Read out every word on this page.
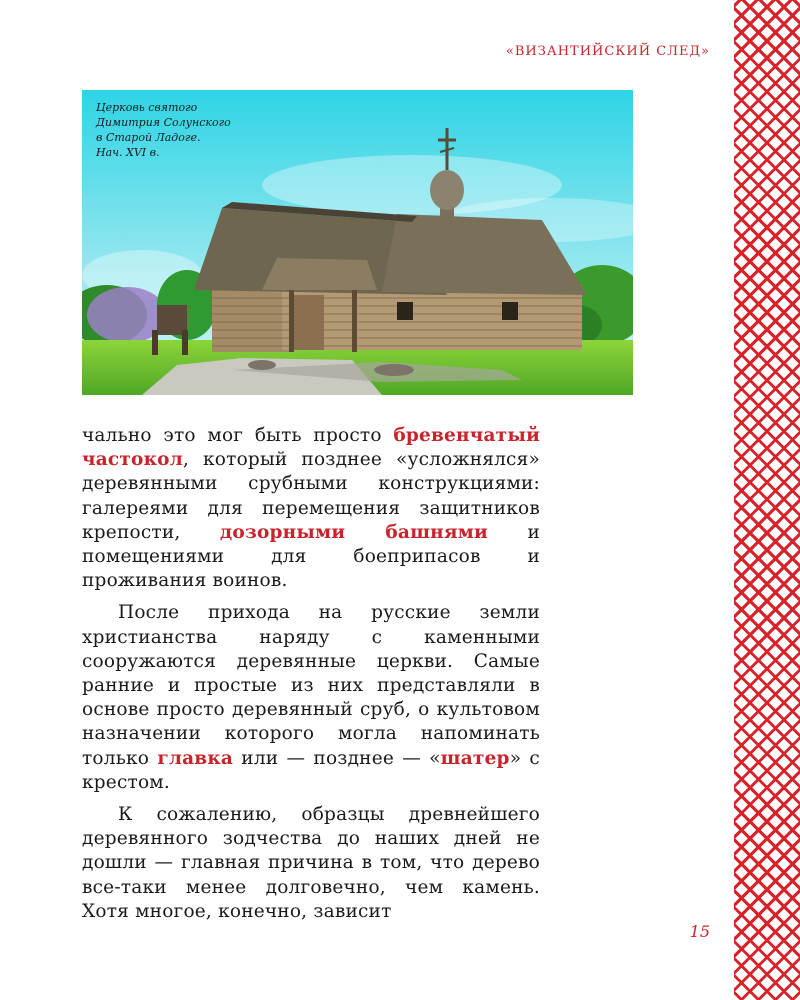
«ВИЗАНТИЙСКИЙ СЛЕД»

Церковь святого
Димитрия Солунского
в Старой Ладоге.
Нач. XVI в.

чально это мог быть просто бревенчатый частокол, который позднее «усложнялся» деревянными срубными конструкциями: галереями для перемещения защитников крепости, дозорными башнями и помещениями для боеприпасов и проживания воинов.

После прихода на русские земли христианства наряду с каменными сооружаются деревянные церкви. Самые ранние и простые из них представляли в основе просто деревянный сруб, о культовом назначении которого могла напоминать только главка или — позднее — «шатер» с крестом.

К сожалению, образцы древнейшего деревянного зодчества до наших дней не дошли — главная причина в том, что дерево все-таки менее долговечно, чем камень. Хотя многое, конечно, зависит

15
